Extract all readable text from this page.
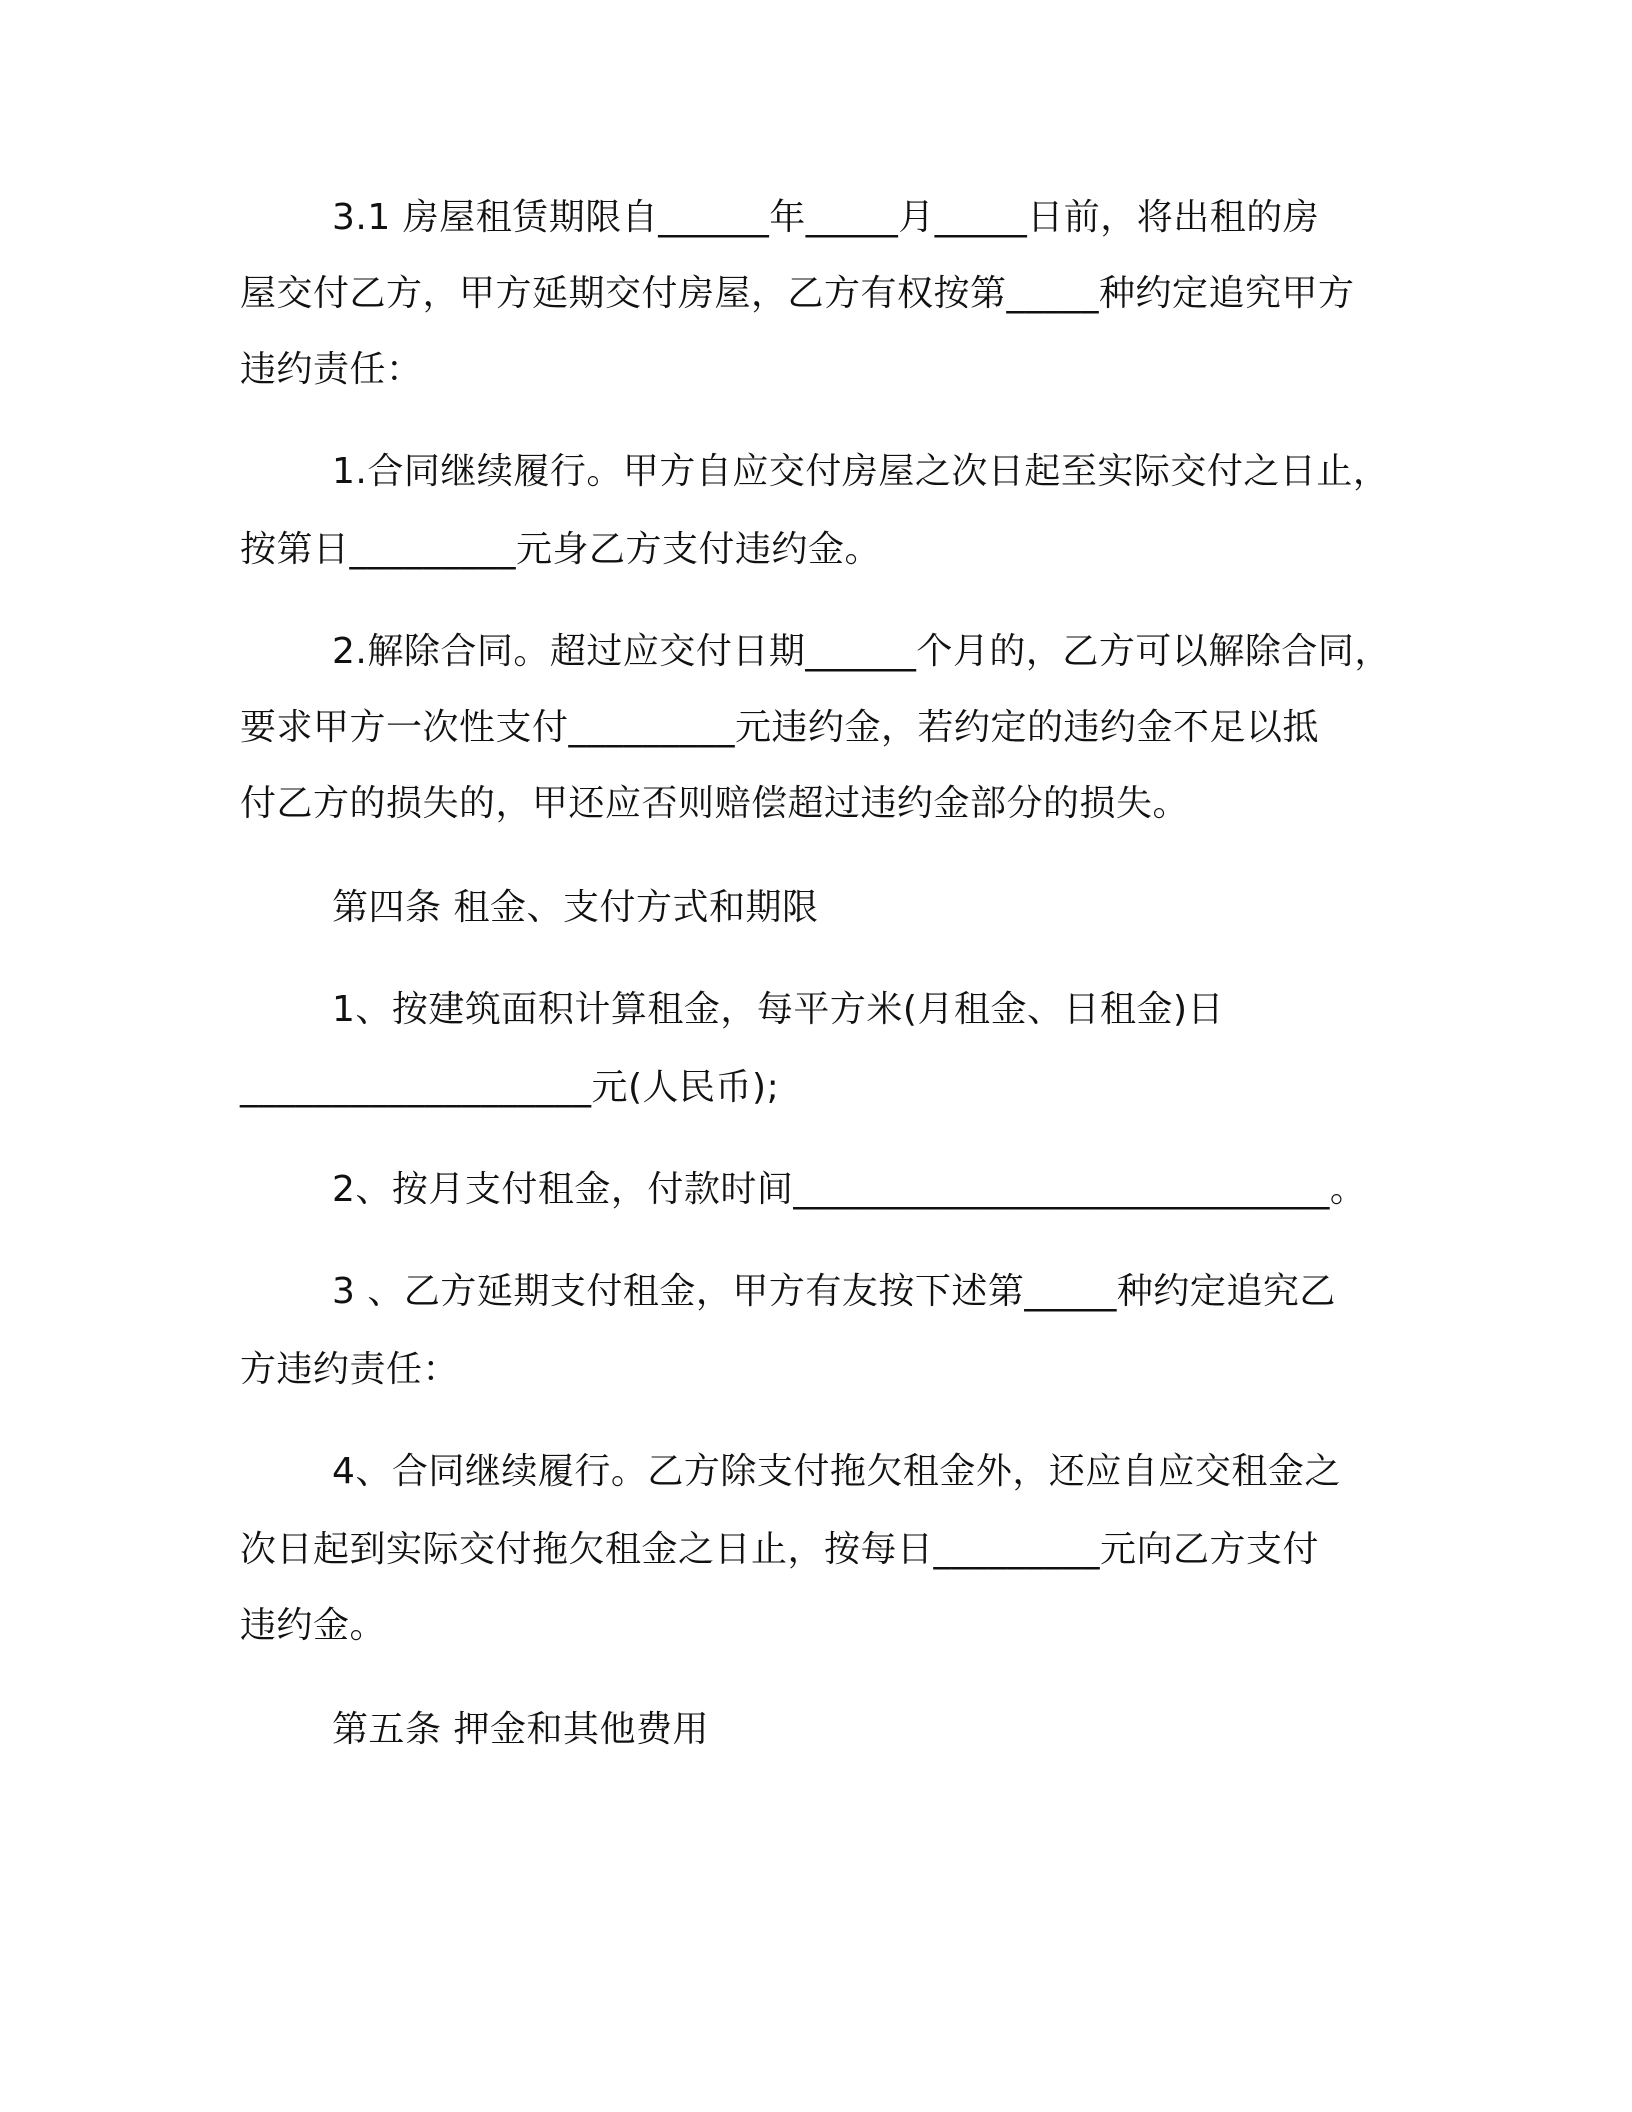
3.1 房屋租赁期限自______年_____月_____日前，将出租的房
屋交付乙方，甲方延期交付房屋，乙方有权按第_____种约定追究甲方
违约责任：
1.合同继续履行。甲方自应交付房屋之次日起至实际交付之日止，
按第日_________元身乙方支付违约金。
2.解除合同。超过应交付日期______个月的，乙方可以解除合同，
要求甲方一次性支付_________元违约金，若约定的违约金不足以抵
付乙方的损失的，甲还应否则赔偿超过违约金部分的损失。
第四条 租金、支付方式和期限
1、按建筑面积计算租金，每平方米(月租金、日租金)日
___________________元(人民币);
2、按月支付租金，付款时间_____________________________。
3 、乙方延期支付租金，甲方有友按下述第_____种约定追究乙
方违约责任：
4、合同继续履行。乙方除支付拖欠租金外，还应自应交租金之
次日起到实际交付拖欠租金之日止，按每日_________元向乙方支付
违约金。
第五条 押金和其他费用
